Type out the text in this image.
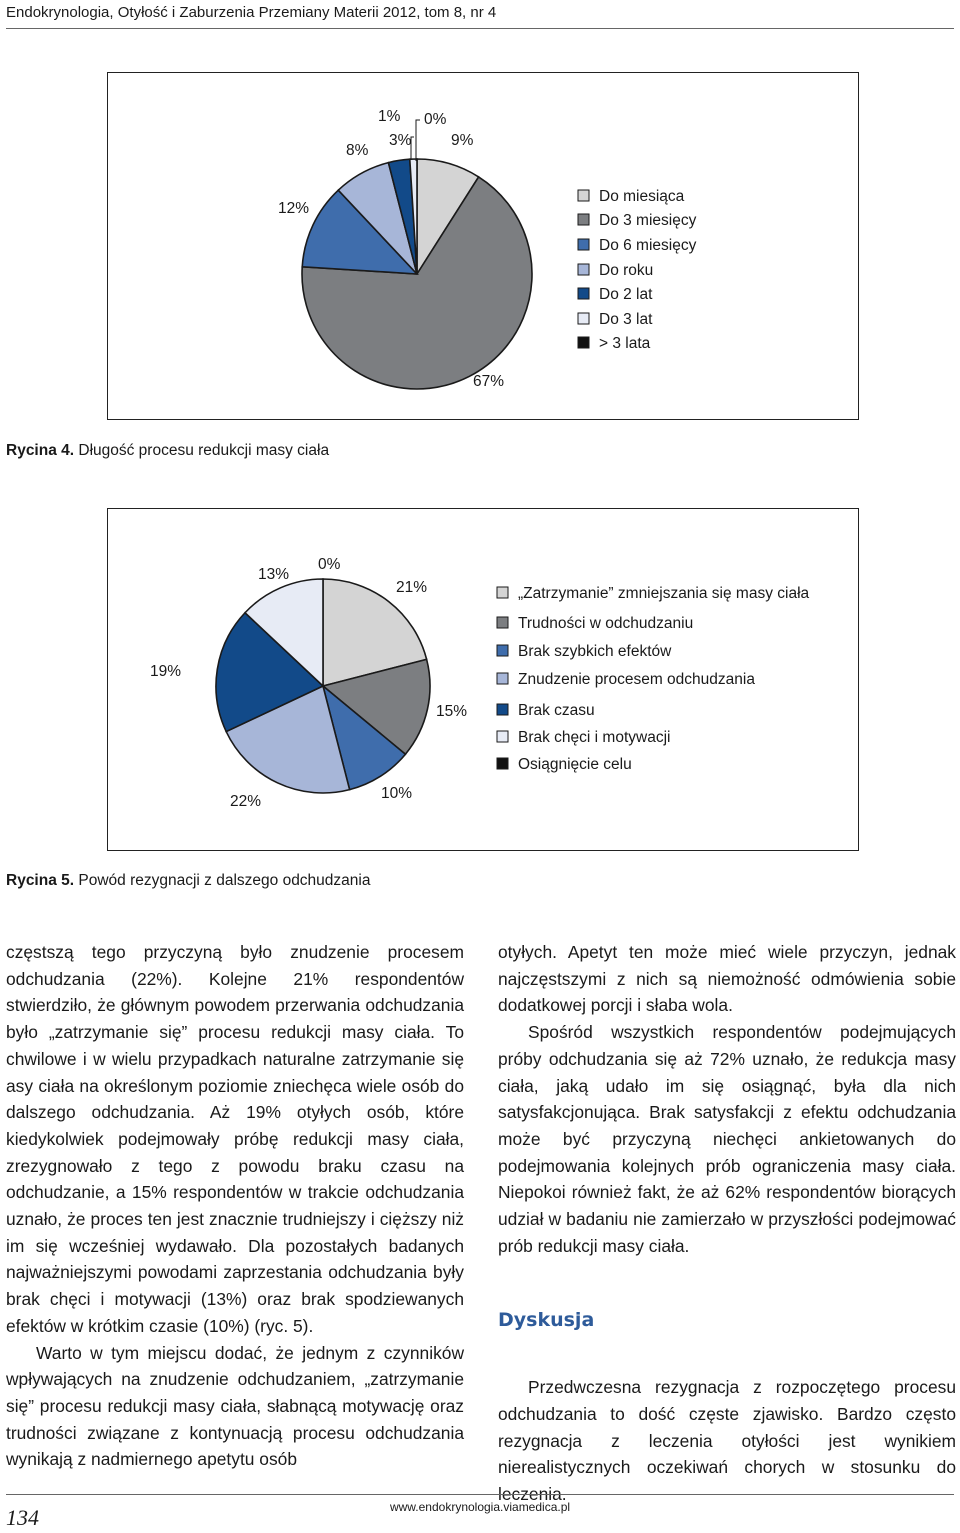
Endokrynologia, Otyłość i Zaburzenia Przemiany Materii 2012, tom 8, nr 4
9%
67%
12%
8%
3%
1% 0%
Do miesiąca
Do 3 miesięcy
Do 6 miesięcy
Do roku
Do 2 lat
Do 3 lat
> 3 lata
Rycina 4. Długość procesu redukcji masy ciała
21%
15%
10%
22%
19%
13%
0%
„Zatrzymanie” zmniejszania się masy ciała
Trudności w odchudzaniu
Brak szybkich efektów
Znudzenie procesem odchudzania
Brak czasu
Brak chęci i motywacji
Osiągnięcie celu
Rycina 5. Powód rezygnacji z dalszego odchudzania

częstszą tego przyczyną było znudzenie procesem odchudzania (22%). Kolejne 21% respondentów stwierdziło, że głównym powodem przerwania odchudzania było „zatrzymanie się” procesu redukcji masy ciała. To chwilowe i w wielu przypadkach naturalne zatrzymanie się asy ciała na określonym poziomie zniechęca wiele osób do dalszego odchudzania. Aż 19% otyłych osób, które kiedykolwiek podejmowały próbę redukcji masy ciała, zrezygnowało z tego z powodu braku czasu na odchudzanie, a 15% respondentów w trakcie odchudzania uznało, że proces ten jest znacznie trudniejszy i cięższy niż im się wcześniej wydawało. Dla pozostałych badanych najważniejszymi powodami zaprzestania odchudzania były brak chęci i motywacji (13%) oraz brak spodziewanych efektów w krótkim czasie (10%) (ryc. 5).

Warto w tym miejscu dodać, że jednym z czynników wpływających na znudzenie odchudzaniem, „zatrzymanie się” procesu redukcji masy ciała, słabnącą motywację oraz trudności związane z kontynuacją procesu odchudzania wynikają z nadmiernego apetytu osób

otyłych. Apetyt ten może mieć wiele przyczyn, jednak najczęstszymi z nich są niemożność odmówienia sobie dodatkowej porcji i słaba wola.

Spośród wszystkich respondentów podejmujących próby odchudzania się aż 72% uznało, że redukcja masy ciała, jaką udało im się osiągnąć, była dla nich satysfakcjonująca. Brak satysfakcji z efektu odchudzania może być przyczyną niechęci ankietowanych do podejmowania kolejnych prób ograniczenia masy ciała. Niepokoi również fakt, że aż 62% respondentów biorących udział w badaniu nie zamierzało w przyszłości podejmować prób redukcji masy ciała.

Dyskusja

Przedwczesna rezygnacja z rozpoczętego procesu odchudzania to dość częste zjawisko. Bardzo często rezygnacja z leczenia otyłości jest wynikiem nierealistycznych oczekiwań chorych w stosunku do leczenia.

134	www.endokrynologia.viamedica.pl
